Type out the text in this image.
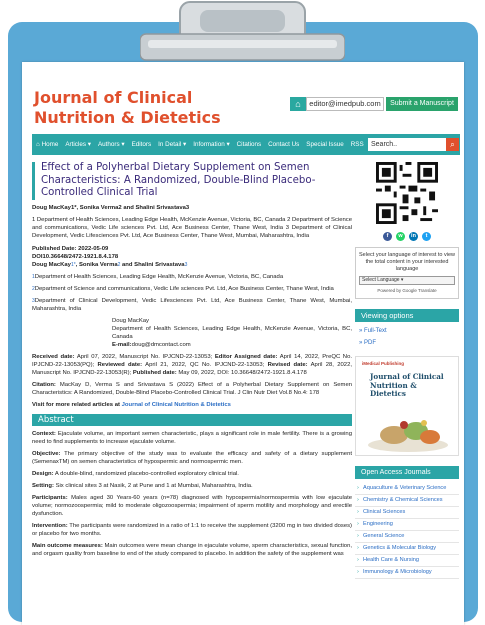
Journal of Clinical Nutrition & Dietetics
⌂	editor@imedpub.com	Submit a Manuscript
⌂ Home Articles ▾ Authors ▾ Editors In Detail ▾ Information ▾ Citations Contact Us Special Issue RSS	Search..	⌕
Effect of a Polyherbal Dietary Supplement on Semen Characteristics: A Randomized, Double-Blind Placebo-Controlled Clinical Trial
Doug MacKay1*, Sonika Verma2 and Shalini Srivastava3
1 Department of Health Sciences, Leading Edge Health, McKenzie Avenue, Victoria, BC, Canada 2 Department of Science and communications, Vedic Life sciences Pvt. Ltd, Ace Business Center, Thane West, India 3 Department of Clinical Development, Vedic Lifesciences Pvt. Ltd, Ace Business Center, Thane West, Mumbai, Maharashtra, India
Published Date: 2022-05-09
DOI10.36648/2472-1921.8.4.178
Doug MacKay$^{1*}$, Sonika Verma$^2$ and Shalini Srivastava$^3$
$^1$Department of Health Sciences, Leading Edge Health, McKenzie Avenue, Victoria, BC, Canada
$^2$Department of Science and communications, Vedic Life sciences Pvt. Ltd, Ace Business Center, Thane West, India
$^3$Department of Clinical Development, Vedic Lifesciences Pvt. Ltd, Ace Business Center, Thane West, Mumbai, Maharashtra, India
Doug MacKay
Department of Health Sciences, Leading Edge Health, McKenzie Avenue, Victoria, BC, Canada
E-mail:doug@dmcontact.com
Received date: April 07, 2022, Manuscript No. IPJCND-22-13053; Editor Assigned date: April 14, 2022, PreQC No. IPJCND-22-13053(PQ); Reviewed date: April 21, 2022, QC No. IPJCND-22-13053; Revised date: April 28, 2022, Manuscript No. IPJCND-22-13053(R); Published date: May 09, 2022, DOI: 10.36648/2472-1921.8.4.178
Citation: MacKay D, Verma S and Srivastava S (2022) Effect of a Polyherbal Dietary Supplement on Semen Characteristics: A Randomized, Double-Blind Placebo-Controlled Clinical Trial. J Clin Nutr Diet Vol.8 No.4: 178
Visit for more related articles at Journal of Clinical Nutrition & Dietetics
Abstract
Context: Ejaculate volume, an important semen characteristic, plays a significant role in male fertility. There is a growing need to find supplements to increase ejaculate volume.
Objective: The primary objective of the study was to evaluate the efficacy and safety of a dietary supplement (SemenaxTM) on semen characteristics of hypospermic and normospermic men.
Design: A double-blind, randomized placebo-controlled exploratory clinical trial.
Setting: Six clinical sites 3 at Nasik, 2 at Pune and 1 at Mumbai, Maharashtra, India.
Participants: Males aged 30 Years-60 years (n=78) diagnosed with hypospermia/normospermia with low ejaculate volume; normozoospermia; mild to moderate oligozoospermia; impairment of sperm motility and morphology and erectile dysfunction.
Intervention: The participants were randomized in a ratio of 1:1 to receive the supplement (3200 mg in two divided doses) or placebo for two months.
Main outcome measures: Main outcomes were mean change in ejaculate volume, sperm characteristics, sexual function, and orgasm quality from baseline to end of the study compared to placebo. In addition the safety of the supplement was
f	w	in	t
Select your language of interest to view the total content in your interested language
Select Language ▾
Powered by Google Translate
Viewing options
» Full-Text
» PDF
iMedical Publishing
Journal of Clinical Nutrition & Dietetics
Open Access Journals
› Aquaculture & Veterinary Science
› Chemistry & Chemical Sciences
› Clinical Sciences
› Engineering
› General Science
› Genetics & Molecular Biology
› Health Care & Nursing
› Immunology & Microbiology
